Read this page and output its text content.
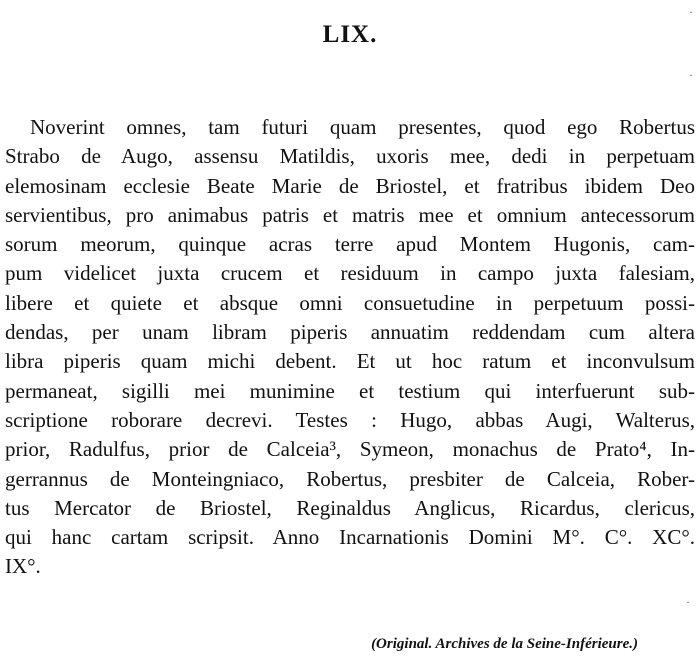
LIX.
Noverint omnes, tam futuri quam presentes, quod ego Robertus
Strabo de Augo, assensu Matildis, uxoris mee, dedi in perpetuam
elemosinam ecclesie Beate Marie de Briostel, et fratribus ibidem Deo
servientibus, pro animabus patris et matris mee et omnium antecessorum
sorum meorum, quinque acras terre apud Montem Hugonis, cam-
pum videlicet juxta crucem et residuum in campo juxta falesiam,
libere et quiete et absque omni consuetudine in perpetuum possi-
dendas, per unam libram piperis annuatim reddendam cum altera
libra piperis quam michi debent. Et ut hoc ratum et inconvulsum
permaneat, sigilli mei munimine et testium qui interfuerunt sub-
scriptione roborare decrevi. Testes : Hugo, abbas Augi, Walterus,
prior, Radulfus, prior de Calceia³, Symeon, monachus de Prato⁴, In-
gerrannus de Monteingniaco, Robertus, presbiter de Calceia, Rober-
tus Mercator de Briostel, Reginaldus Anglicus, Ricardus, clericus,
qui hanc cartam scripsit. Anno Incarnationis Domini M°. C°. XC°.
IX°.
(Original. Archives de la Seine-Inférieure.)
·
·
·
